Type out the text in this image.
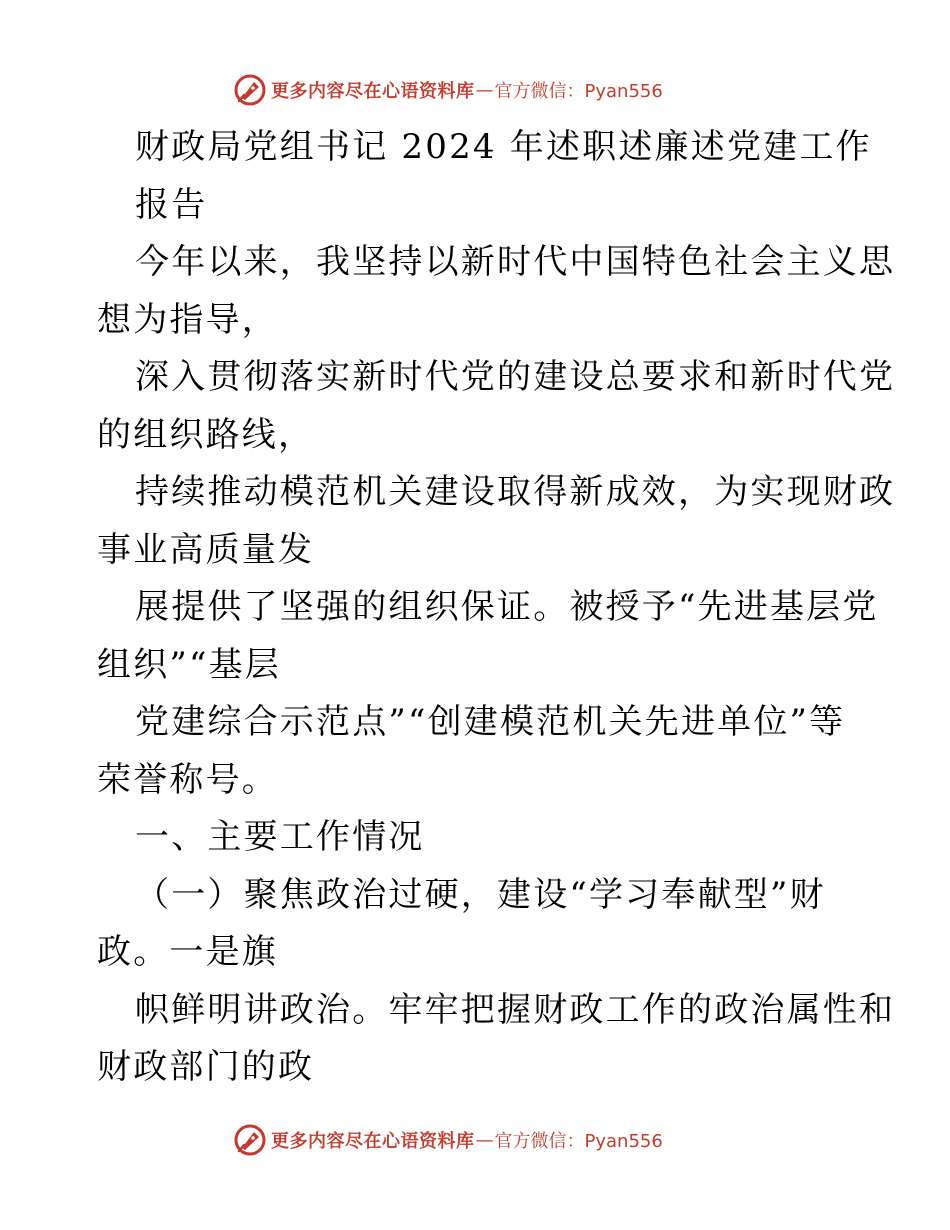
更多内容尽在心语资料库 — 官方微信：Pyan556
财政局党组书记 2024 年述职述廉述党建工作
报告
今年以来，我坚持以新时代中国特色社会主义思
想为指导，
深入贯彻落实新时代党的建设总要求和新时代党
的组织路线，
持续推动模范机关建设取得新成效，为实现财政
事业高质量发
展提供了坚强的组织保证。被授予“先进基层党
组织”“基层
党建综合示范点”“创建模范机关先进单位”等
荣誉称号。
一、主要工作情况
（一）聚焦政治过硬，建设“学习奉献型”财
政。一是旗
帜鲜明讲政治。牢牢把握财政工作的政治属性和
财政部门的政
更多内容尽在心语资料库 — 官方微信：Pyan556
